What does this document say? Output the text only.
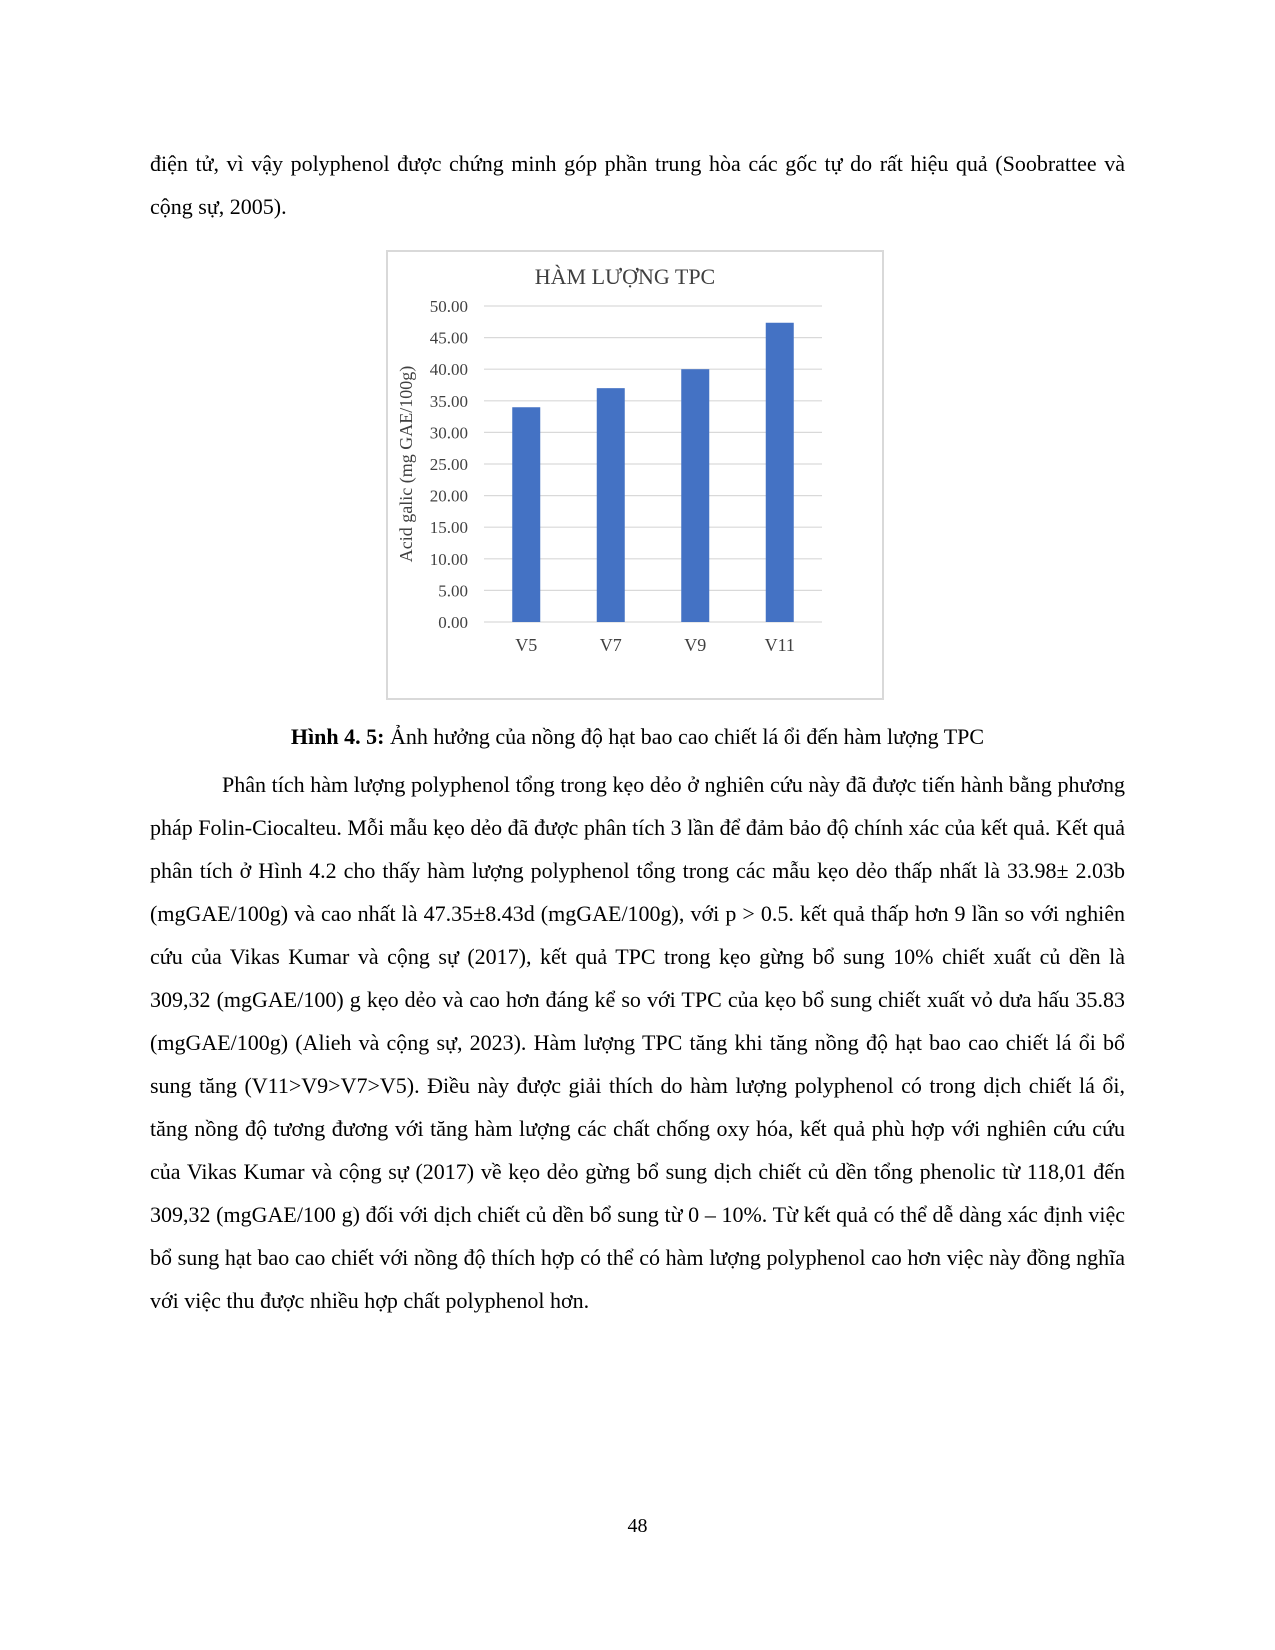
điện tử, vì vậy polyphenol được chứng minh góp phần trung hòa các gốc tự do rất hiệu quả (Soobrattee và cộng sự, 2005).

HÀM LƯỢNG TPC
Acid galic (mg GAE/100g)
0.00
5.00
10.00
15.00
20.00
25.00
30.00
35.00
40.00
45.00
50.00
V5	V7	V9	V11
Hình 4. 5: Ảnh hưởng của nồng độ hạt bao cao chiết lá ổi đến hàm lượng TPC

Phân tích hàm lượng polyphenol tổng trong kẹo dẻo ở nghiên cứu này đã được tiến hành bằng phương pháp Folin-Ciocalteu. Mỗi mẫu kẹo dẻo đã được phân tích 3 lần để đảm bảo độ chính xác của kết quả. Kết quả phân tích ở Hình 4.2 cho thấy hàm lượng polyphenol tổng trong các mẫu kẹo dẻo thấp nhất là 33.98± 2.03b (mgGAE/100g) và cao nhất là 47.35±8.43d (mgGAE/100g), với p > 0.5. kết quả thấp hơn 9 lần so với nghiên cứu của Vikas Kumar và cộng sự (2017), kết quả TPC trong kẹo gừng bổ sung 10% chiết xuất củ dền là 309,32 (mgGAE/100) g kẹo dẻo và cao hơn đáng kể so với TPC của kẹo bổ sung chiết xuất vỏ dưa hấu 35.83 (mgGAE/100g) (Alieh và cộng sự, 2023). Hàm lượng TPC tăng khi tăng nồng độ hạt bao cao chiết lá ổi bổ sung tăng (V11>V9>V7>V5). Điều này được giải thích do hàm lượng polyphenol có trong dịch chiết lá ổi, tăng nồng độ tương đương với tăng hàm lượng các chất chống oxy hóa, kết quả phù hợp với nghiên cứu cứu của Vikas Kumar và cộng sự (2017) về kẹo dẻo gừng bổ sung dịch chiết củ dền tổng phenolic từ 118,01 đến 309,32 (mgGAE/100 g) đối với dịch chiết củ dền bổ sung từ 0 – 10%. Từ kết quả có thể dễ dàng xác định việc bổ sung hạt bao cao chiết với nồng độ thích hợp có thể có hàm lượng polyphenol cao hơn việc này đồng nghĩa với việc thu được nhiều hợp chất polyphenol hơn.

48
